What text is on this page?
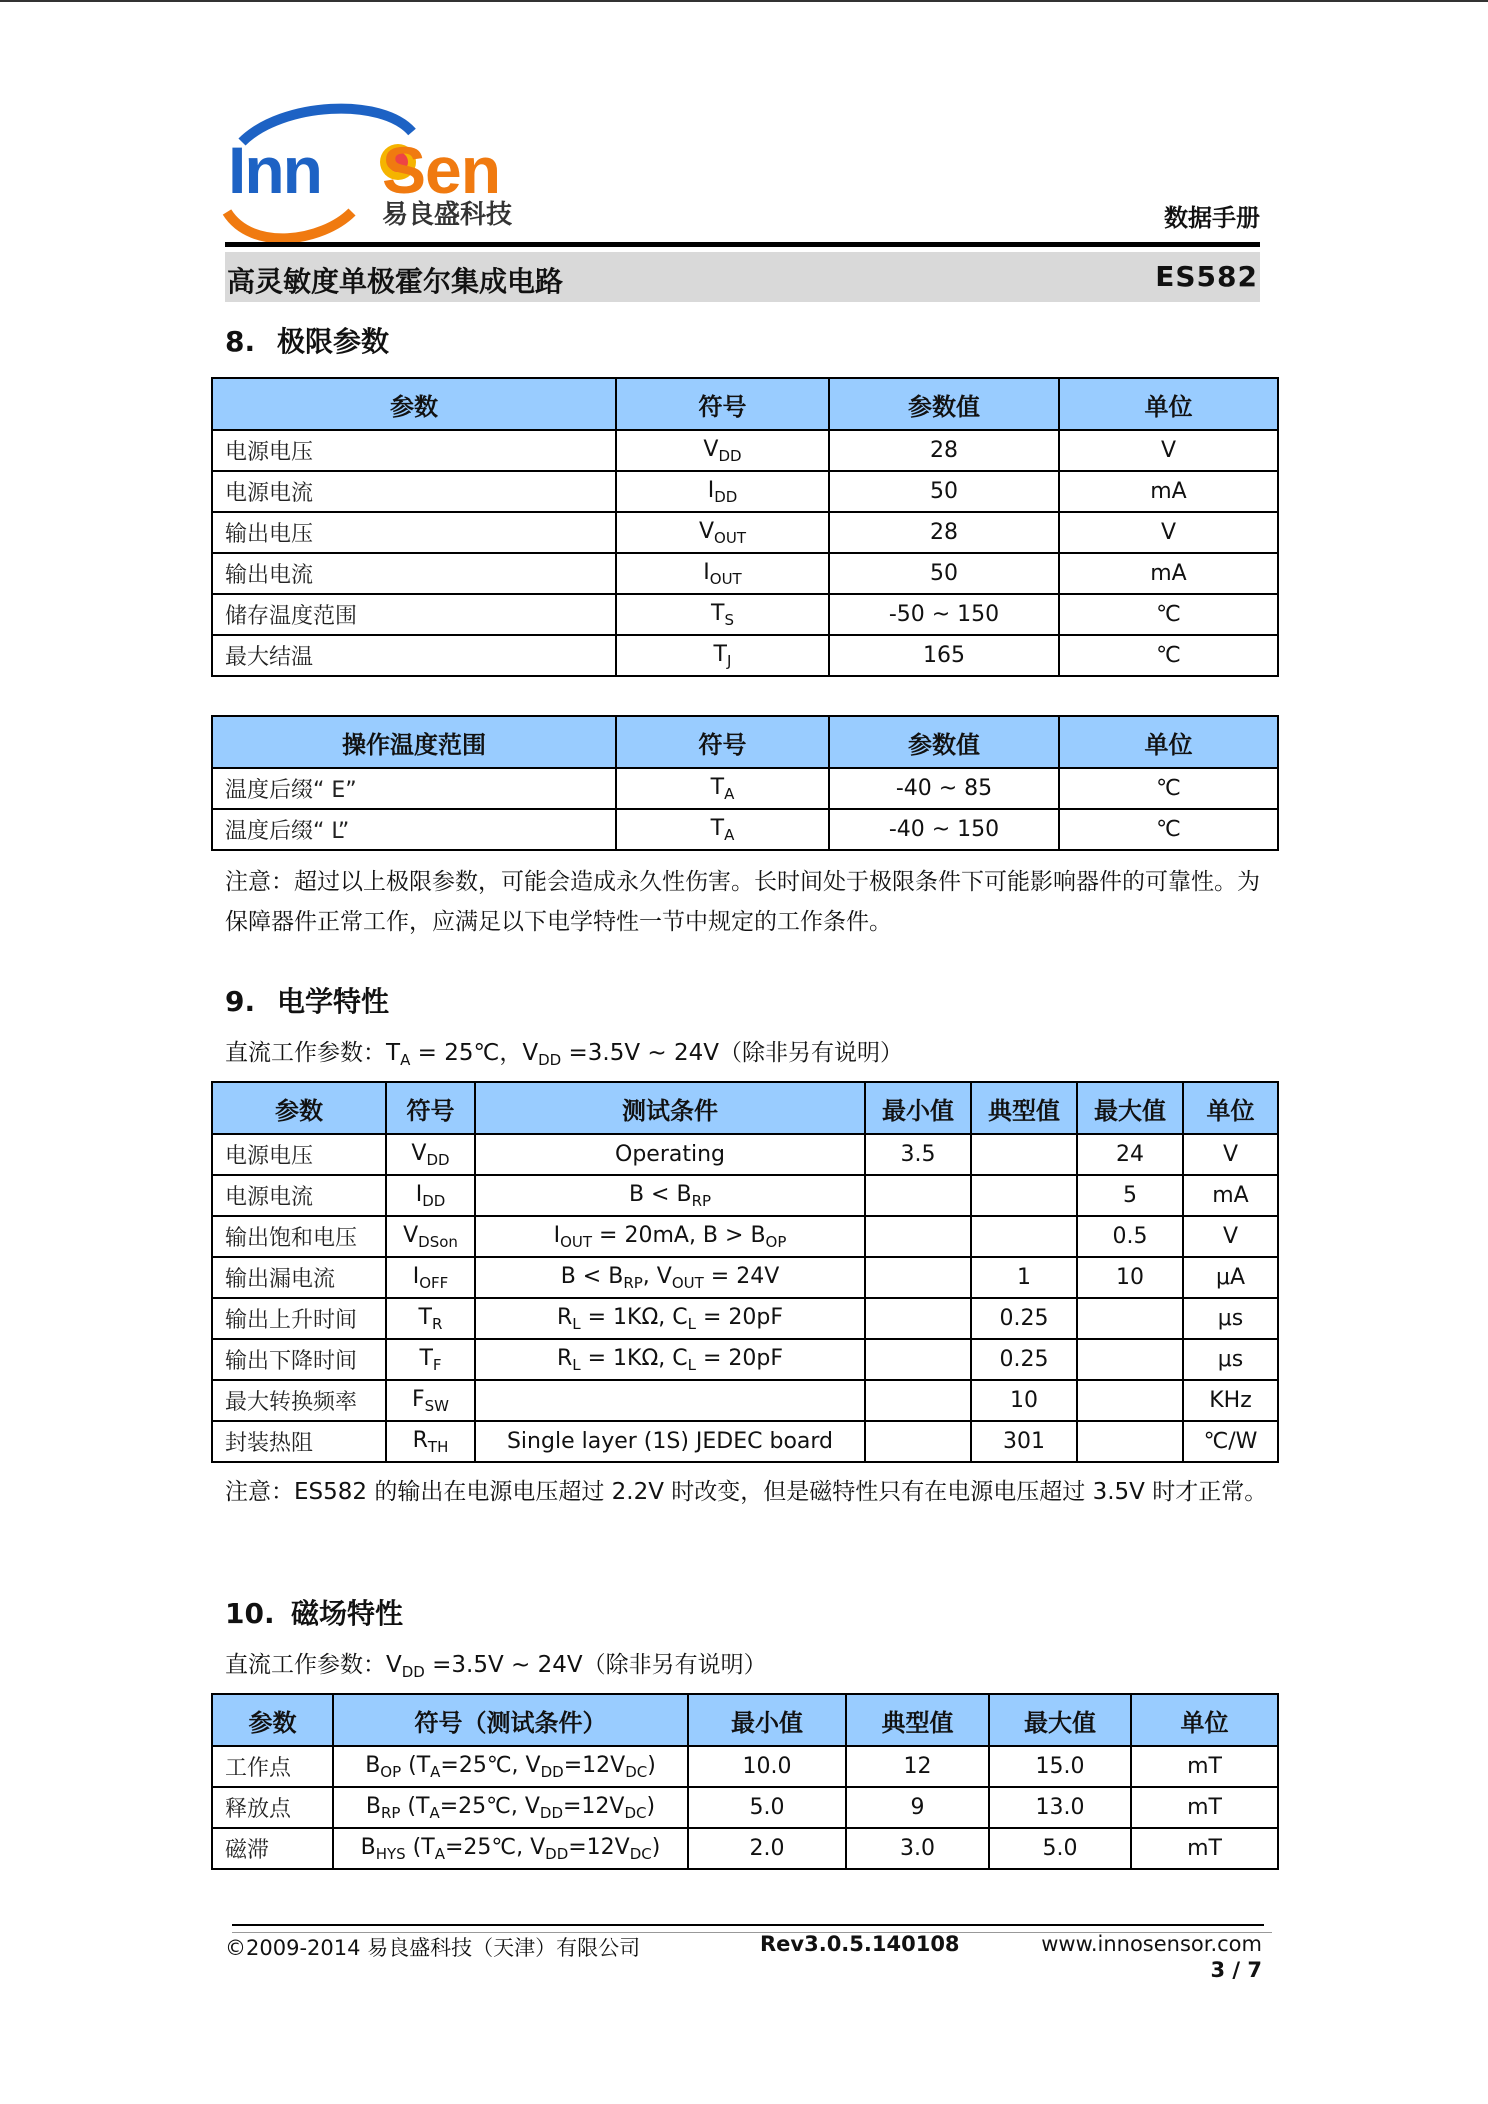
Inn Sen
易良盛科技	数据手册
高灵敏度单极霍尔集成电路	ES582
8. 极限参数
参数	符号	参数值	单位
电源电压	$V_{DD}$	28	V
电源电流	$I_{DD}$	50	mA
输出电压	$V_{OUT}$	28	V
输出电流	$I_{OUT}$	50	mA
储存温度范围	$T_S$	-50 ~ 150	℃
最大结温	$T_J$	165	℃
操作温度范围	符号	参数值	单位
温度后缀“ E”	$T_A$	-40 ~ 85	℃
温度后缀“ L”	$T_A$	-40 ~ 150	℃
注意：超过以上极限参数，可能会造成永久性伤害。长时间处于极限条件下可能影响器件的可靠性。为保障器件正常工作，应满足以下电学特性一节中规定的工作条件。
9. 电学特性
直流工作参数：$T_A$ = 25℃，$V_{DD} =3.5V$ ~ 24V（除非另有说明）
参数	符号	测试条件	最小值	典型值	最大值	单位
电源电压	$V_{DD}$	Operating	3.5		24	V
电源电流	$I_{DD}$	$B < B_{RP}$			5	mA
输出饱和电压	$V_{DSon}$	$I_{OUT} = 20mA$, $B > B_{OP}$			0.5	V
输出漏电流	$I_{OFF}$	$B < B_{RP}$, $V_{OUT} = 24V$		1	10	μA
输出上升时间	$T_R$	$R_L = 1K\Omega$, $C_L = 20pF$		0.25		μs
输出下降时间	$T_F$	$R_L = 1K\Omega$, $C_L = 20pF$		0.25		μs
最大转换频率	$F_{SW}$			10		KHz
封装热阻	$R_{TH}$	Single layer (1S) JEDEC board		301		℃/W
注意：ES582 的输出在电源电压超过 2.2V 时改变，但是磁特性只有在电源电压超过 3.5V 时才正常。
10. 磁场特性
直流工作参数：$V_{DD} =3.5V$ ~ 24V（除非另有说明）
参数	符号（测试条件）	最小值	典型值	最大值	单位
工作点	$B_{OP}$ ($T_A=25℃$, $V_{DD}=12V_{DC}$)	10.0	12	15.0	mT
释放点	$B_{RP}$ ($T_A=25℃$, $V_{DD}=12V_{DC}$)	5.0	9	13.0	mT
磁滞	$B_{HYS}$ ($T_A=25℃$, $V_{DD}=12V_{DC}$)	2.0	3.0	5.0	mT
©2009-2014 易良盛科技（天津）有限公司	Rev3.0.5.140108	www.innosensor.com
3 / 7
